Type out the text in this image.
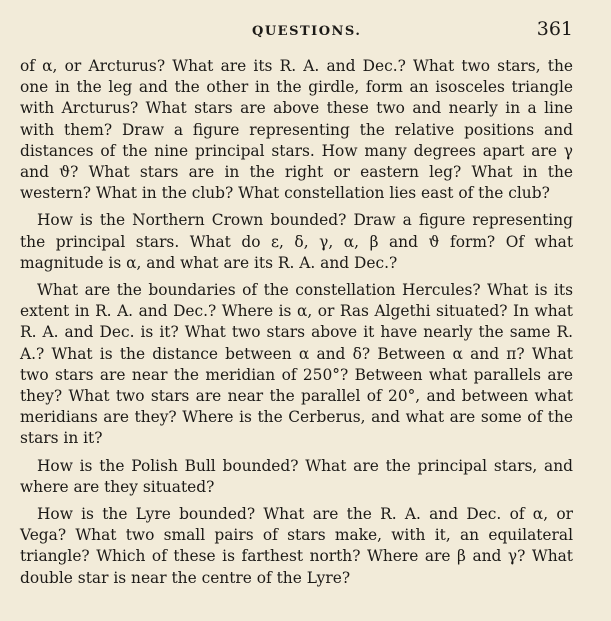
QUESTIONS.	361

of α, or Arcturus? What are its R. A. and Dec.? What two stars, the one in the leg and the other in the girdle, form an isosceles triangle with Arcturus? What stars are above these two and nearly in a line with them? Draw a figure representing the relative positions and distances of the nine principal stars. How many degrees apart are γ and ϑ? What stars are in the right or eastern leg? What in the western? What in the club? What constellation lies east of the club?

How is the Northern Crown bounded? Draw a figure representing the principal stars. What do ε, δ, γ, α, β and ϑ form? Of what magnitude is α, and what are its R. A. and Dec.?

What are the boundaries of the constellation Hercules? What is its extent in R. A. and Dec.? Where is α, or Ras Algethi situated? In what R. A. and Dec. is it? What two stars above it have nearly the same R. A.? What is the distance between α and δ? Between α and π? What two stars are near the meridian of 250°? Between what parallels are they? What two stars are near the parallel of 20°, and between what meridians are they? Where is the Cerberus, and what are some of the stars in it?

How is the Polish Bull bounded? What are the principal stars, and where are they situated?

How is the Lyre bounded? What are the R. A. and Dec. of α, or Vega? What two small pairs of stars make, with it, an equilateral triangle? Which of these is farthest north? Where are β and γ? What double star is near the centre of the Lyre?
